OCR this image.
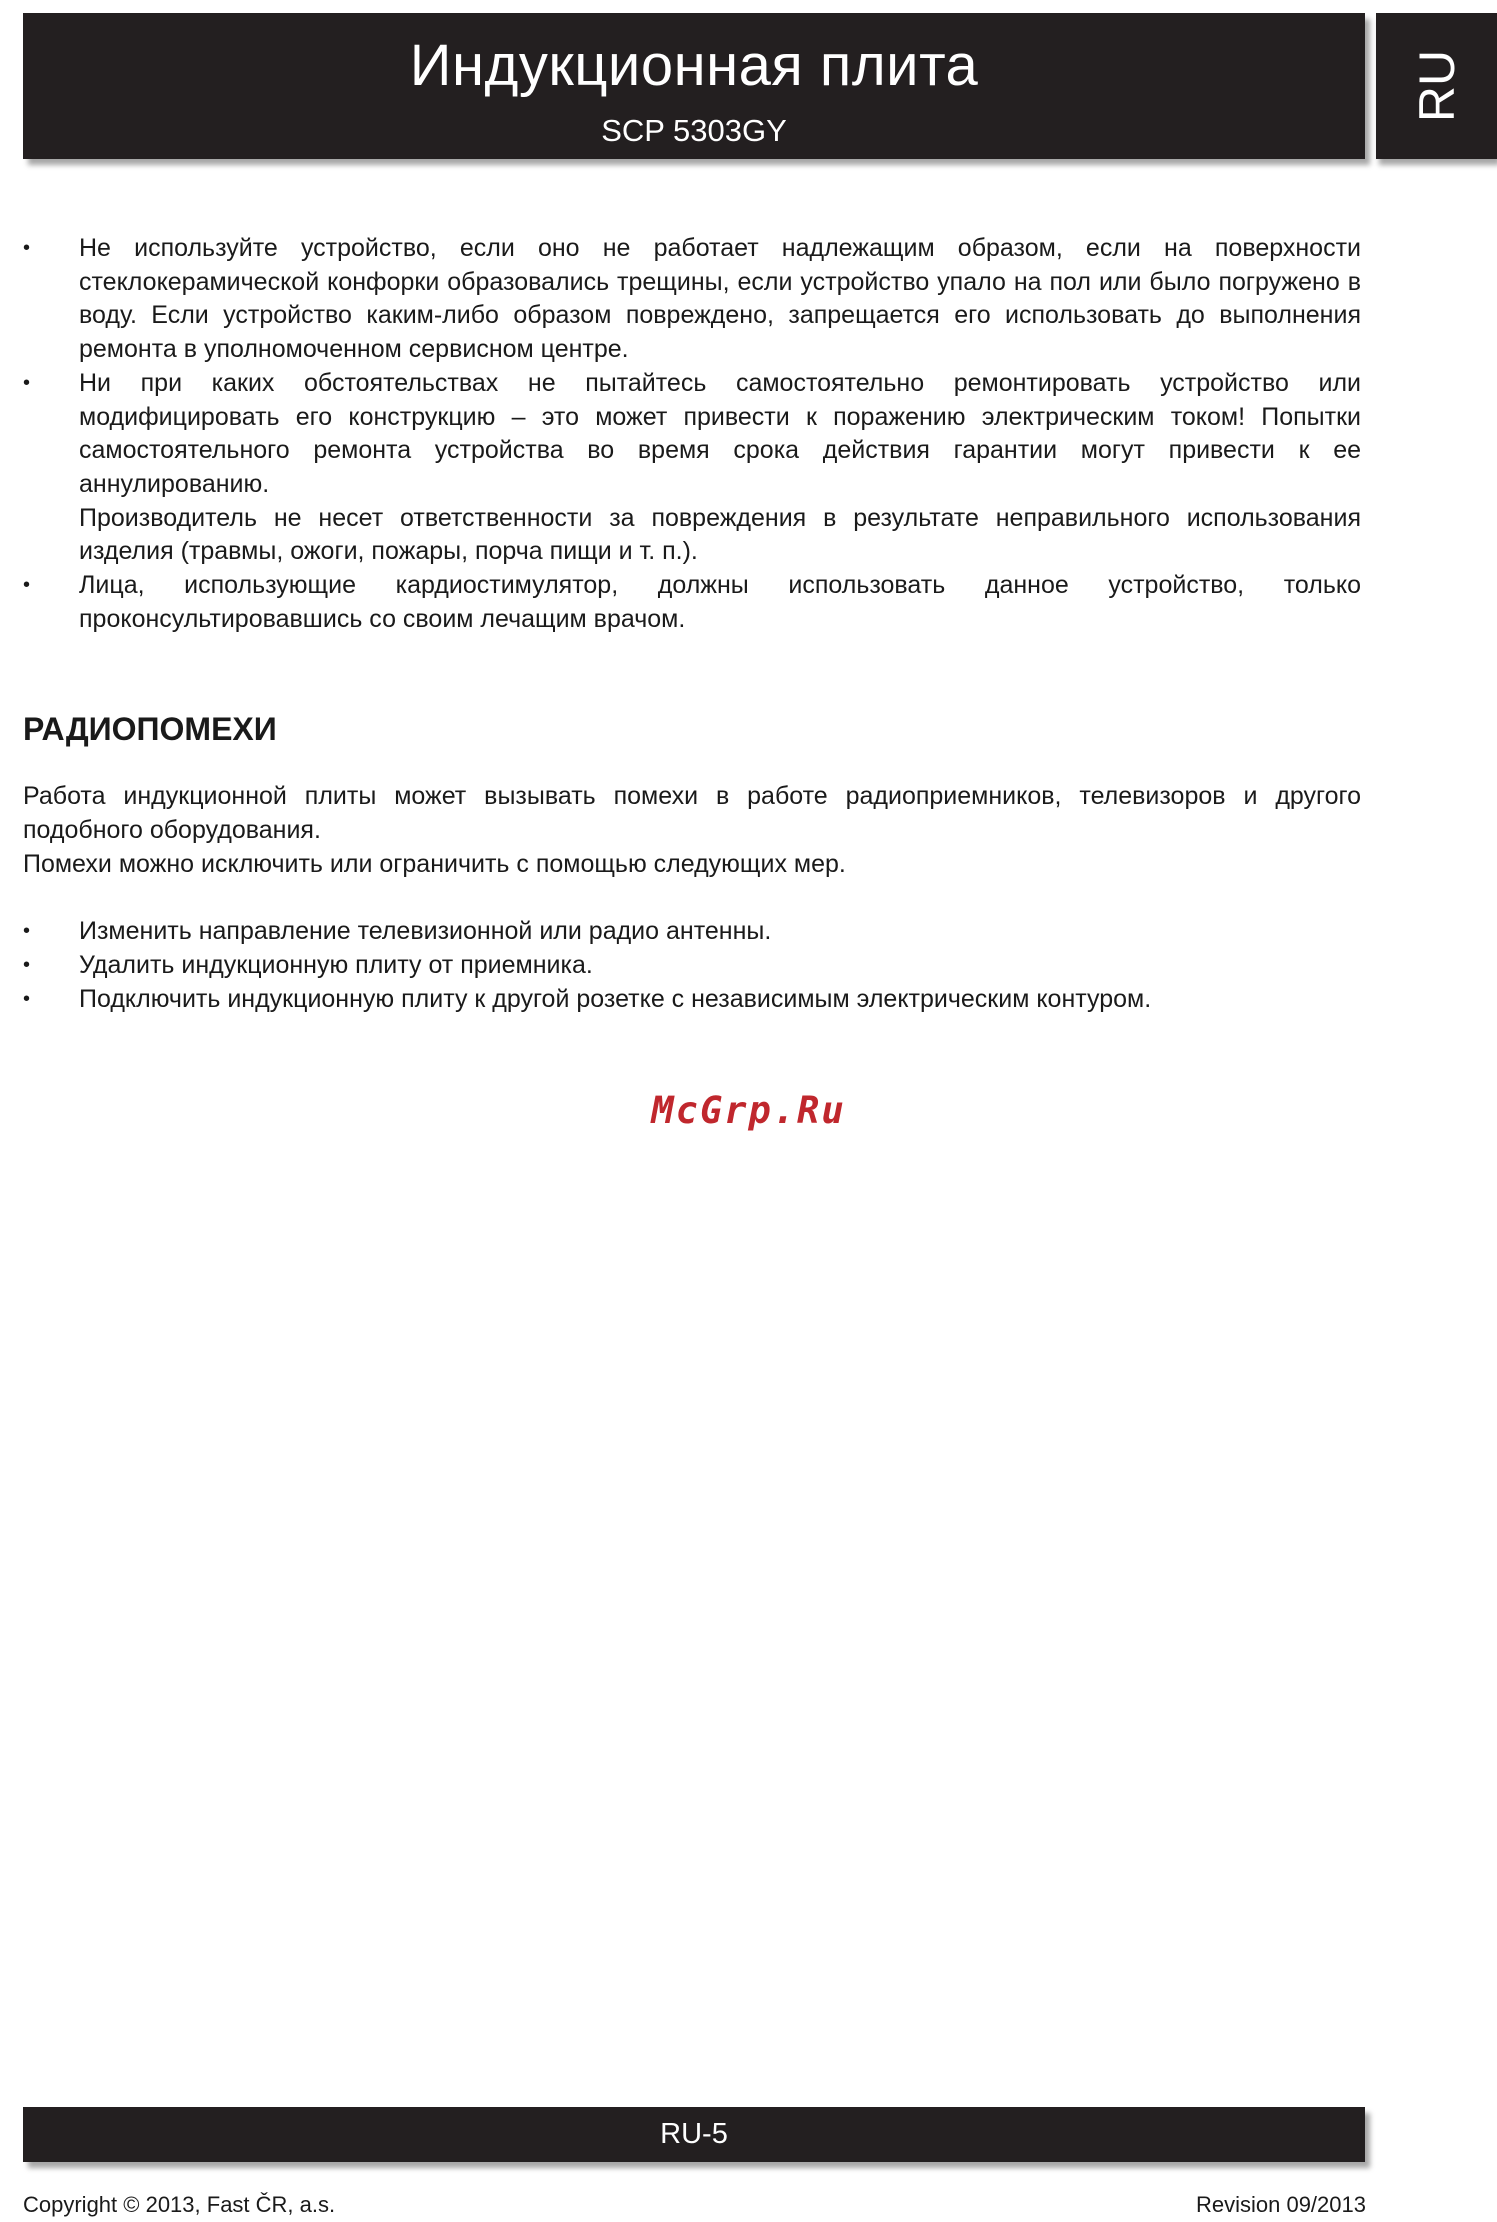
Индукционная плита
SCP 5303GY
RU

• Не используйте устройство, если оно не работает надлежащим образом, если на поверхности стеклокерамической конфорки образовались трещины, если устройство упало на пол или было погружено в воду. Если устройство каким-либо образом повреждено, запрещается его использовать до выполнения ремонта в уполномоченном сервисном центре.

• Ни при каких обстоятельствах не пытайтесь самостоятельно ремонтировать устройство или модифицировать его конструкцию – это может привести к поражению электрическим током! Попытки самостоятельного ремонта устройства во время срока действия гарантии могут привести к ее аннулированию.

Производитель не несет ответственности за повреждения в результате неправильного использования изделия (травмы, ожоги, пожары, порча пищи и т. п.).

• Лица, использующие кардиостимулятор, должны использовать данное устройство, только проконсультировавшись со своим лечащим врачом.

РАДИОПОМЕХИ

Работа индукционной плиты может вызывать помехи в работе радиоприемников, телевизоров и другого подобного оборудования.

Помехи можно исключить или ограничить с помощью следующих мер.

• Изменить направление телевизионной или радио антенны.
• Удалить индукционную плиту от приемника.
• Подключить индукционную плиту к другой розетке с независимым электрическим контуром.
McGrp.Ru
RU-5
Copyright © 2013, Fast ČR, a.s.	Revision 09/2013
